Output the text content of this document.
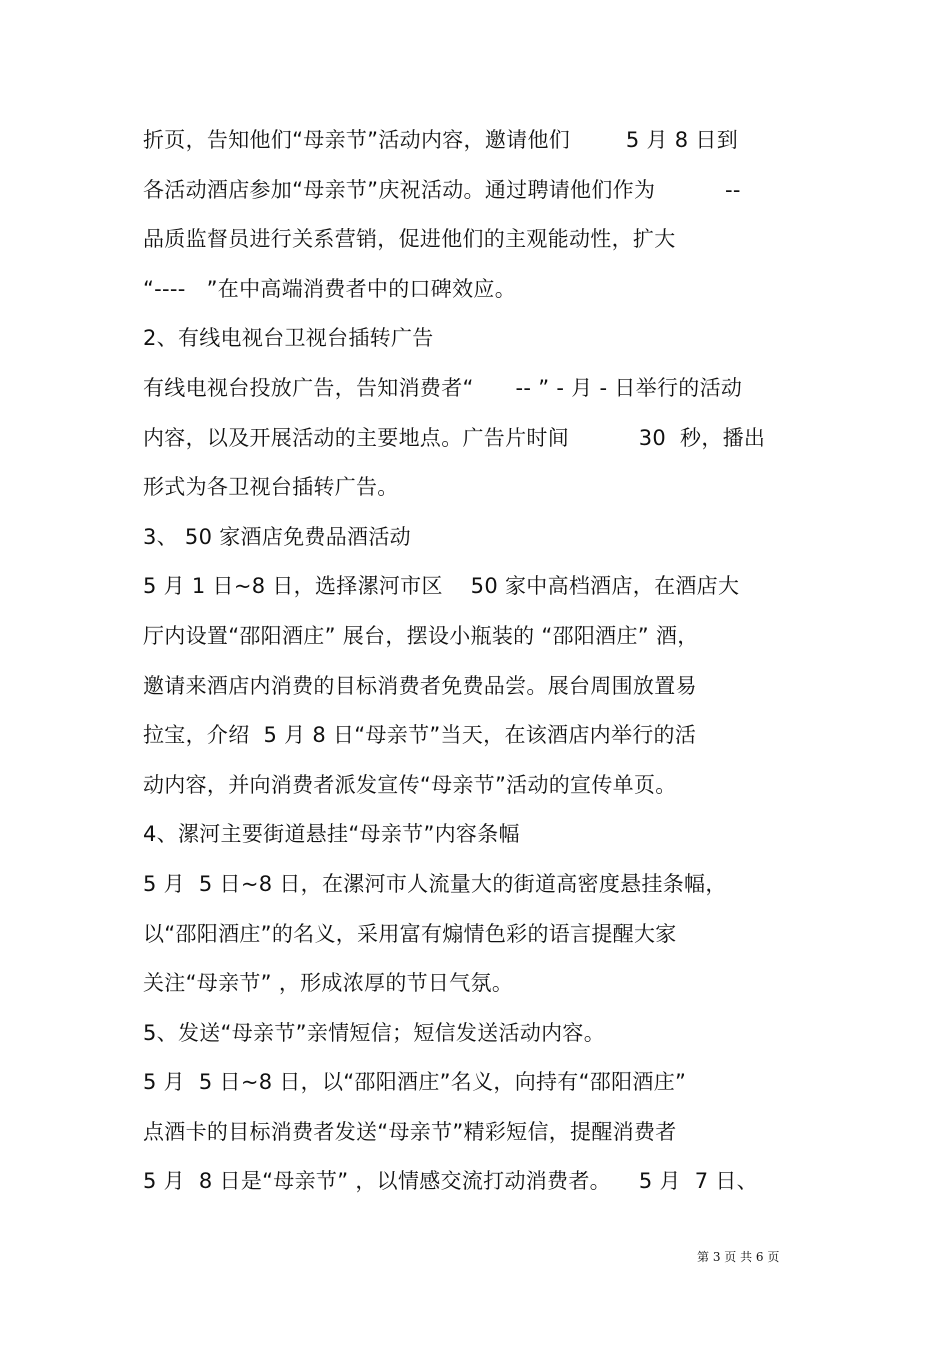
折页，告知他们“母亲节”活动内容，邀请他们        5 月 8 日到
各活动酒店参加“母亲节”庆祝活动。通过聘请他们作为          --
品质监督员进行关系营销，促进他们的主观能动性，扩大
“----   ”在中高端消费者中的口碑效应。
2、有线电视台卫视台插转广告
有线电视台投放广告，告知消费者“      -- ” - 月 - 日举行的活动
内容，以及开展活动的主要地点。广告片时间          30  秒，播出
形式为各卫视台插转广告。
3、 50 家酒店免费品酒活动
5 月 1 日~8 日，选择漯河市区    50 家中高档酒店，在酒店大
厅内设置“邵阳酒庄” 展台，摆设小瓶装的 “邵阳酒庄” 酒，
邀请来酒店内消费的目标消费者免费品尝。展台周围放置易
拉宝，介绍  5 月 8 日“母亲节”当天，在该酒店内举行的活
动内容，并向消费者派发宣传“母亲节”活动的宣传单页。
4、漯河主要街道悬挂“母亲节”内容条幅
5 月  5 日~8 日，在漯河市人流量大的街道高密度悬挂条幅，
以“邵阳酒庄”的名义，采用富有煽情色彩的语言提醒大家
关注“母亲节” ，形成浓厚的节日气氛。
5、发送“母亲节”亲情短信；短信发送活动内容。
5 月  5 日~8 日，以“邵阳酒庄”名义，向持有“邵阳酒庄”
点酒卡的目标消费者发送“母亲节”精彩短信，提醒消费者
5 月  8 日是“母亲节” ，以情感交流打动消费者。    5 月  7 日、
第 3 页 共 6 页
